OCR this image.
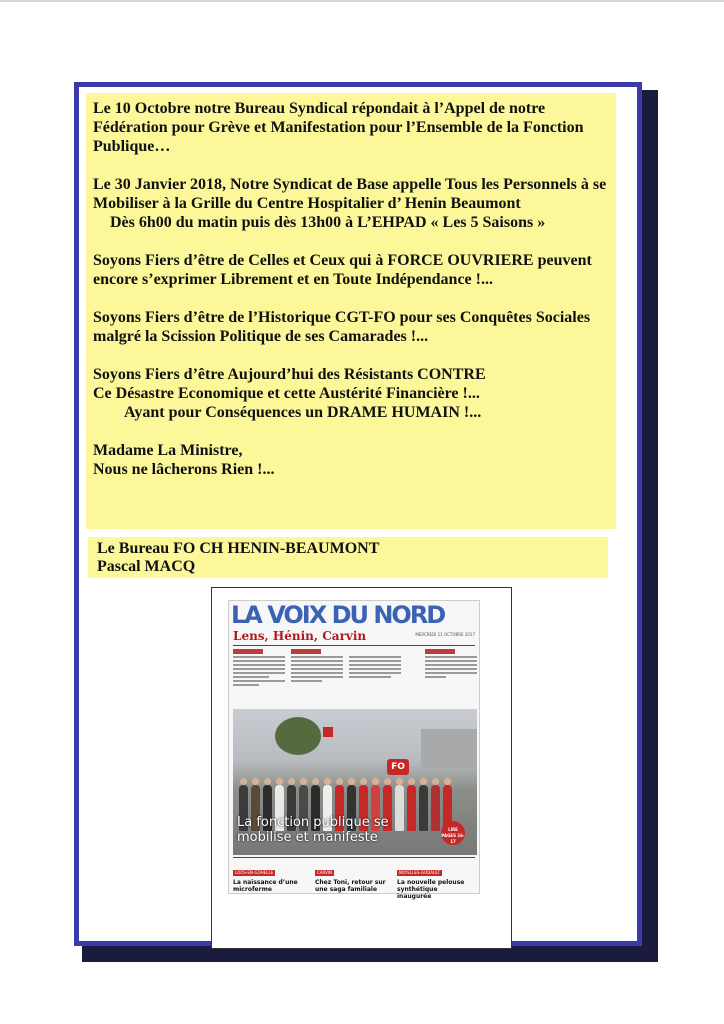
Le 10 Octobre notre Bureau Syndical répondait à l’Appel de notre Fédération pour Grève et Manifestation pour l’Ensemble de la Fonction Publique…

Le 30 Janvier 2018, Notre Syndicat de Base appelle Tous les Personnels à se Mobiliser à la Grille du Centre Hospitalier d’ Henin Beaumont
Dès 6h00 du matin puis dès 13h00 à L’EHPAD « Les 5 Saisons »

Soyons Fiers d’être de Celles et Ceux qui à FORCE OUVRIERE peuvent encore s’exprimer Librement et en Toute Indépendance !...

Soyons Fiers d’être de l’Historique CGT-FO pour ses Conquêtes Sociales malgré la Scission Politique de ses Camarades !...

Soyons Fiers d’être Aujourd’hui des Résistants CONTRE
Ce Désastre Economique et cette Austérité Financière !...
Ayant pour Conséquences un DRAME HUMAIN !...

Madame La Ministre,
Nous ne lâcherons Rien !...

Le Bureau FO CH HENIN-BEAUMONT
Pascal MACQ
LA VOIX DU NORD
Lens, Hénin, Carvin	MERCREDI 11 OCTOBRE 2017
FO
La fonction publique se mobilise et manifeste
LIRE PAGES 16-17
LOOS-EN-GOHELLE
La naissance d’une microferme
CARVIN
Chez Toni, retour sur une saga familiale
NOYELLES-GODAULT
La nouvelle pelouse synthétique inaugurée
